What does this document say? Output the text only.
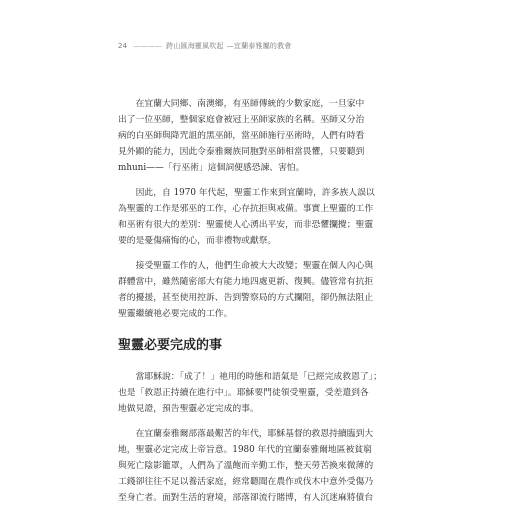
24 ———— 跨山匯海靈風吹起 —宜蘭泰雅屬的教會

在宜蘭大同鄉、南澳鄉，有巫師傳統的少數家庭，一旦家中
出了一位巫師，整個家庭會被冠上巫師家族的名稱。巫師又分治
病的白巫師與降咒詛的黑巫師，當巫師施行巫術時，人們有時看
見外顯的能力，因此令泰雅爾族同胞對巫師相當畏懼，只要聽到
mhuni——「行巫術」這個詞便感恐諫、害怕。

因此，自 1970 年代起，聖靈工作來到宜蘭時，許多族人誤以
為聖靈的工作是邪巫的工作，心存抗拒與戒備。事實上聖靈的工作
和巫術有很大的差別：聖靈使人心湧出平安，而非恐懼攔攪；聖靈
要的是憂傷痛悔的心，而非禮物或獻祭。

接受聖靈工作的人，他們生命被大大改變；聖靈在個人內心與
群體當中，雖然隨密部大有能力地四處更新、復興。儘管常有抗拒
者的擾援，甚至使用控訴、告到警察局的方式攔阻，卻仍無法阻止
聖靈繼續祂必要完成的工作。

聖靈必要完成的事

當耶穌說：「成了！」祂用的時態和語氣是「已經完成救恩了」；
也是「救恩正持續在進行中」。耶穌要門徒領受聖靈，受差遣到各
地做見證，預告聖靈必定完成的事。

在宜蘭泰雅爾部落最艱苦的年代，耶穌基督的救恩持續臨到大
地，聖靈必定完成上帝旨意。1980 年代的宜蘭泰雅爾地區被貧窮
與死亡陰影籠罩，人們為了溫飽而辛勤工作，整天勞苦換來微薄的
工錢卻往往不足以養活家庭，經常聽聞在農作或伐木中意外受傷乃
至身亡者。面對生活的窘境，部落卻流行賭博，有人沉迷麻將債台
